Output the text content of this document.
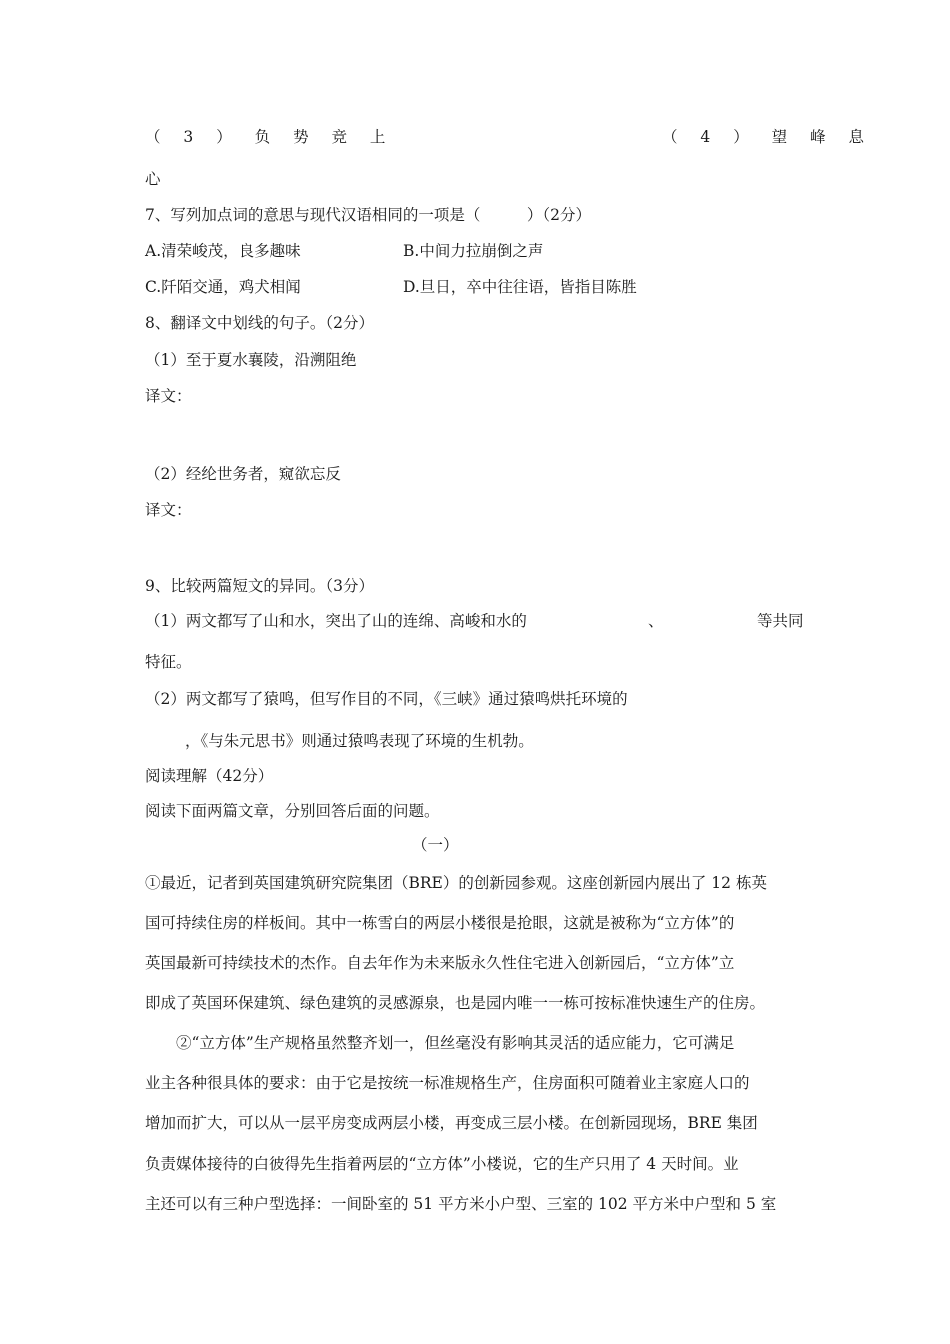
（ 3 ） 负 势 竞 上	（ 4 ） 望 峰 息
心
7、写列加点词的意思与现代汉语相同的一项是（　　　）（2分）
A.清荣峻茂，良多趣味	B.中间力拉崩倒之声
C.阡陌交通，鸡犬相闻	D.旦日，卒中往往语，皆指目陈胜
8、翻译文中划线的句子。（2分）
（1）至于夏水襄陵，沿溯阻绝
译文：
（2）经纶世务者，窥欲忘反
译文：
9、比较两篇短文的异同。（3分）
（1）两文都写了山和水，突出了山的连绵、高峻和水的	、	等共同
特征。
（2）两文都写了猿鸣，但写作目的不同，《三峡》通过猿鸣烘托环境的
，《与朱元思书》则通过猿鸣表现了环境的生机勃。
阅读理解（42分）
阅读下面两篇文章，分别回答后面的问题。
（一）
①最近，记者到英国建筑研究院集团（BRE）的创新园参观。这座创新园内展出了 12 栋英
国可持续住房的样板间。其中一栋雪白的两层小楼很是抢眼，这就是被称为“立方体”的
英国最新可持续技术的杰作。自去年作为未来版永久性住宅进入创新园后，“立方体”立
即成了英国环保建筑、绿色建筑的灵感源泉，也是园内唯一一栋可按标准快速生产的住房。
②“立方体”生产规格虽然整齐划一，但丝毫没有影响其灵活的适应能力，它可满足
业主各种很具体的要求：由于它是按统一标准规格生产，住房面积可随着业主家庭人口的
增加而扩大，可以从一层平房变成两层小楼，再变成三层小楼。在创新园现场，BRE 集团
负责媒体接待的白彼得先生指着两层的“立方体”小楼说，它的生产只用了 4 天时间。业
主还可以有三种户型选择：一间卧室的 51 平方米小户型、三室的 102 平方米中户型和 5 室
